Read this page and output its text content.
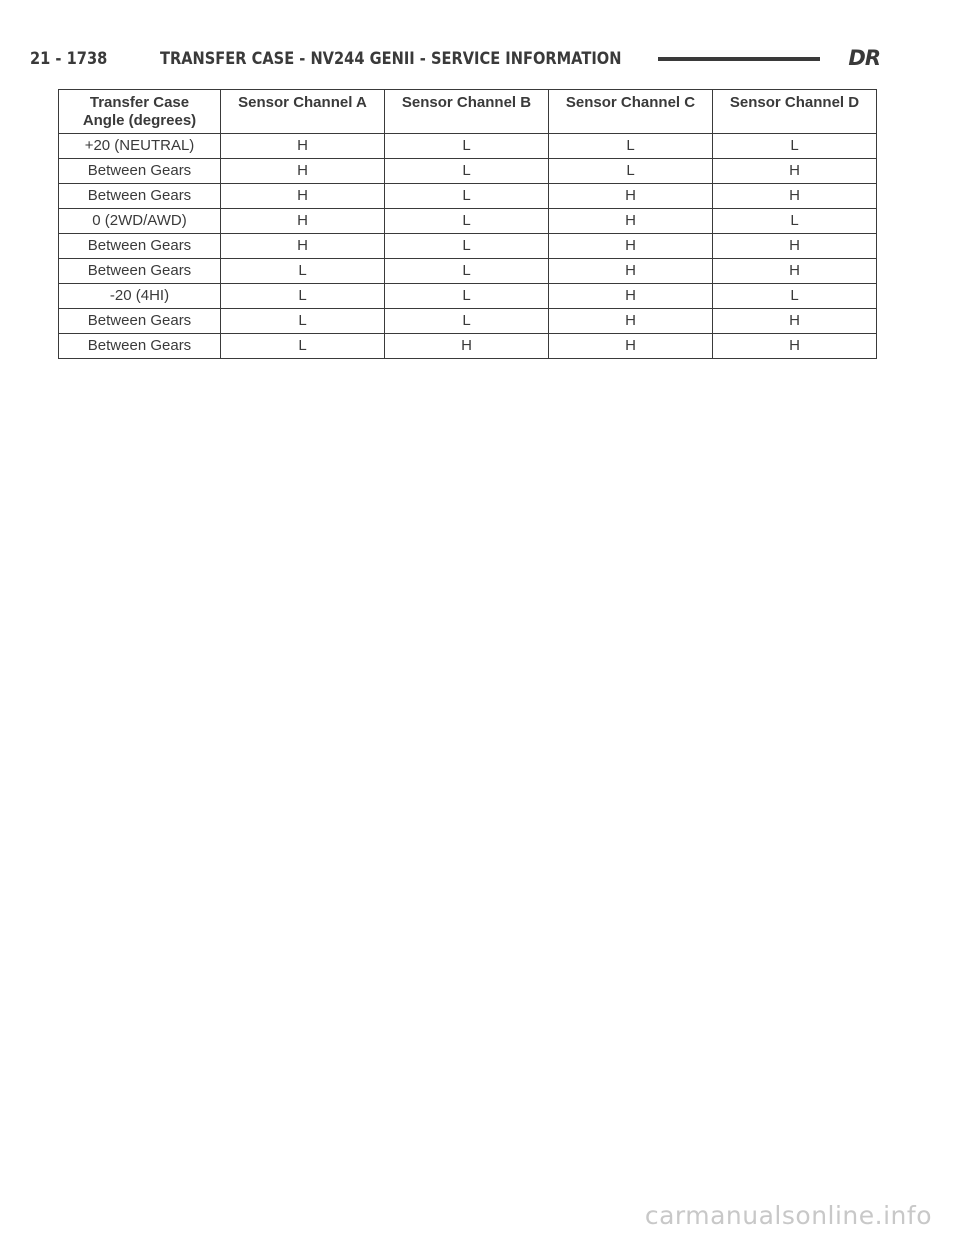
21 - 1738	TRANSFER CASE - NV244 GENII - SERVICE INFORMATION	DR
Transfer Case Angle (degrees)	Sensor Channel A	Sensor Channel B	Sensor Channel C	Sensor Channel D
+20 (NEUTRAL)	H	L	L	L
Between Gears	H	L	L	H
Between Gears	H	L	H	H
0 (2WD/AWD)	H	L	H	L
Between Gears	H	L	H	H
Between Gears	L	L	H	H
-20 (4HI)	L	L	H	L
Between Gears	L	L	H	H
Between Gears	L	H	H	H
carmanualsonline.info
